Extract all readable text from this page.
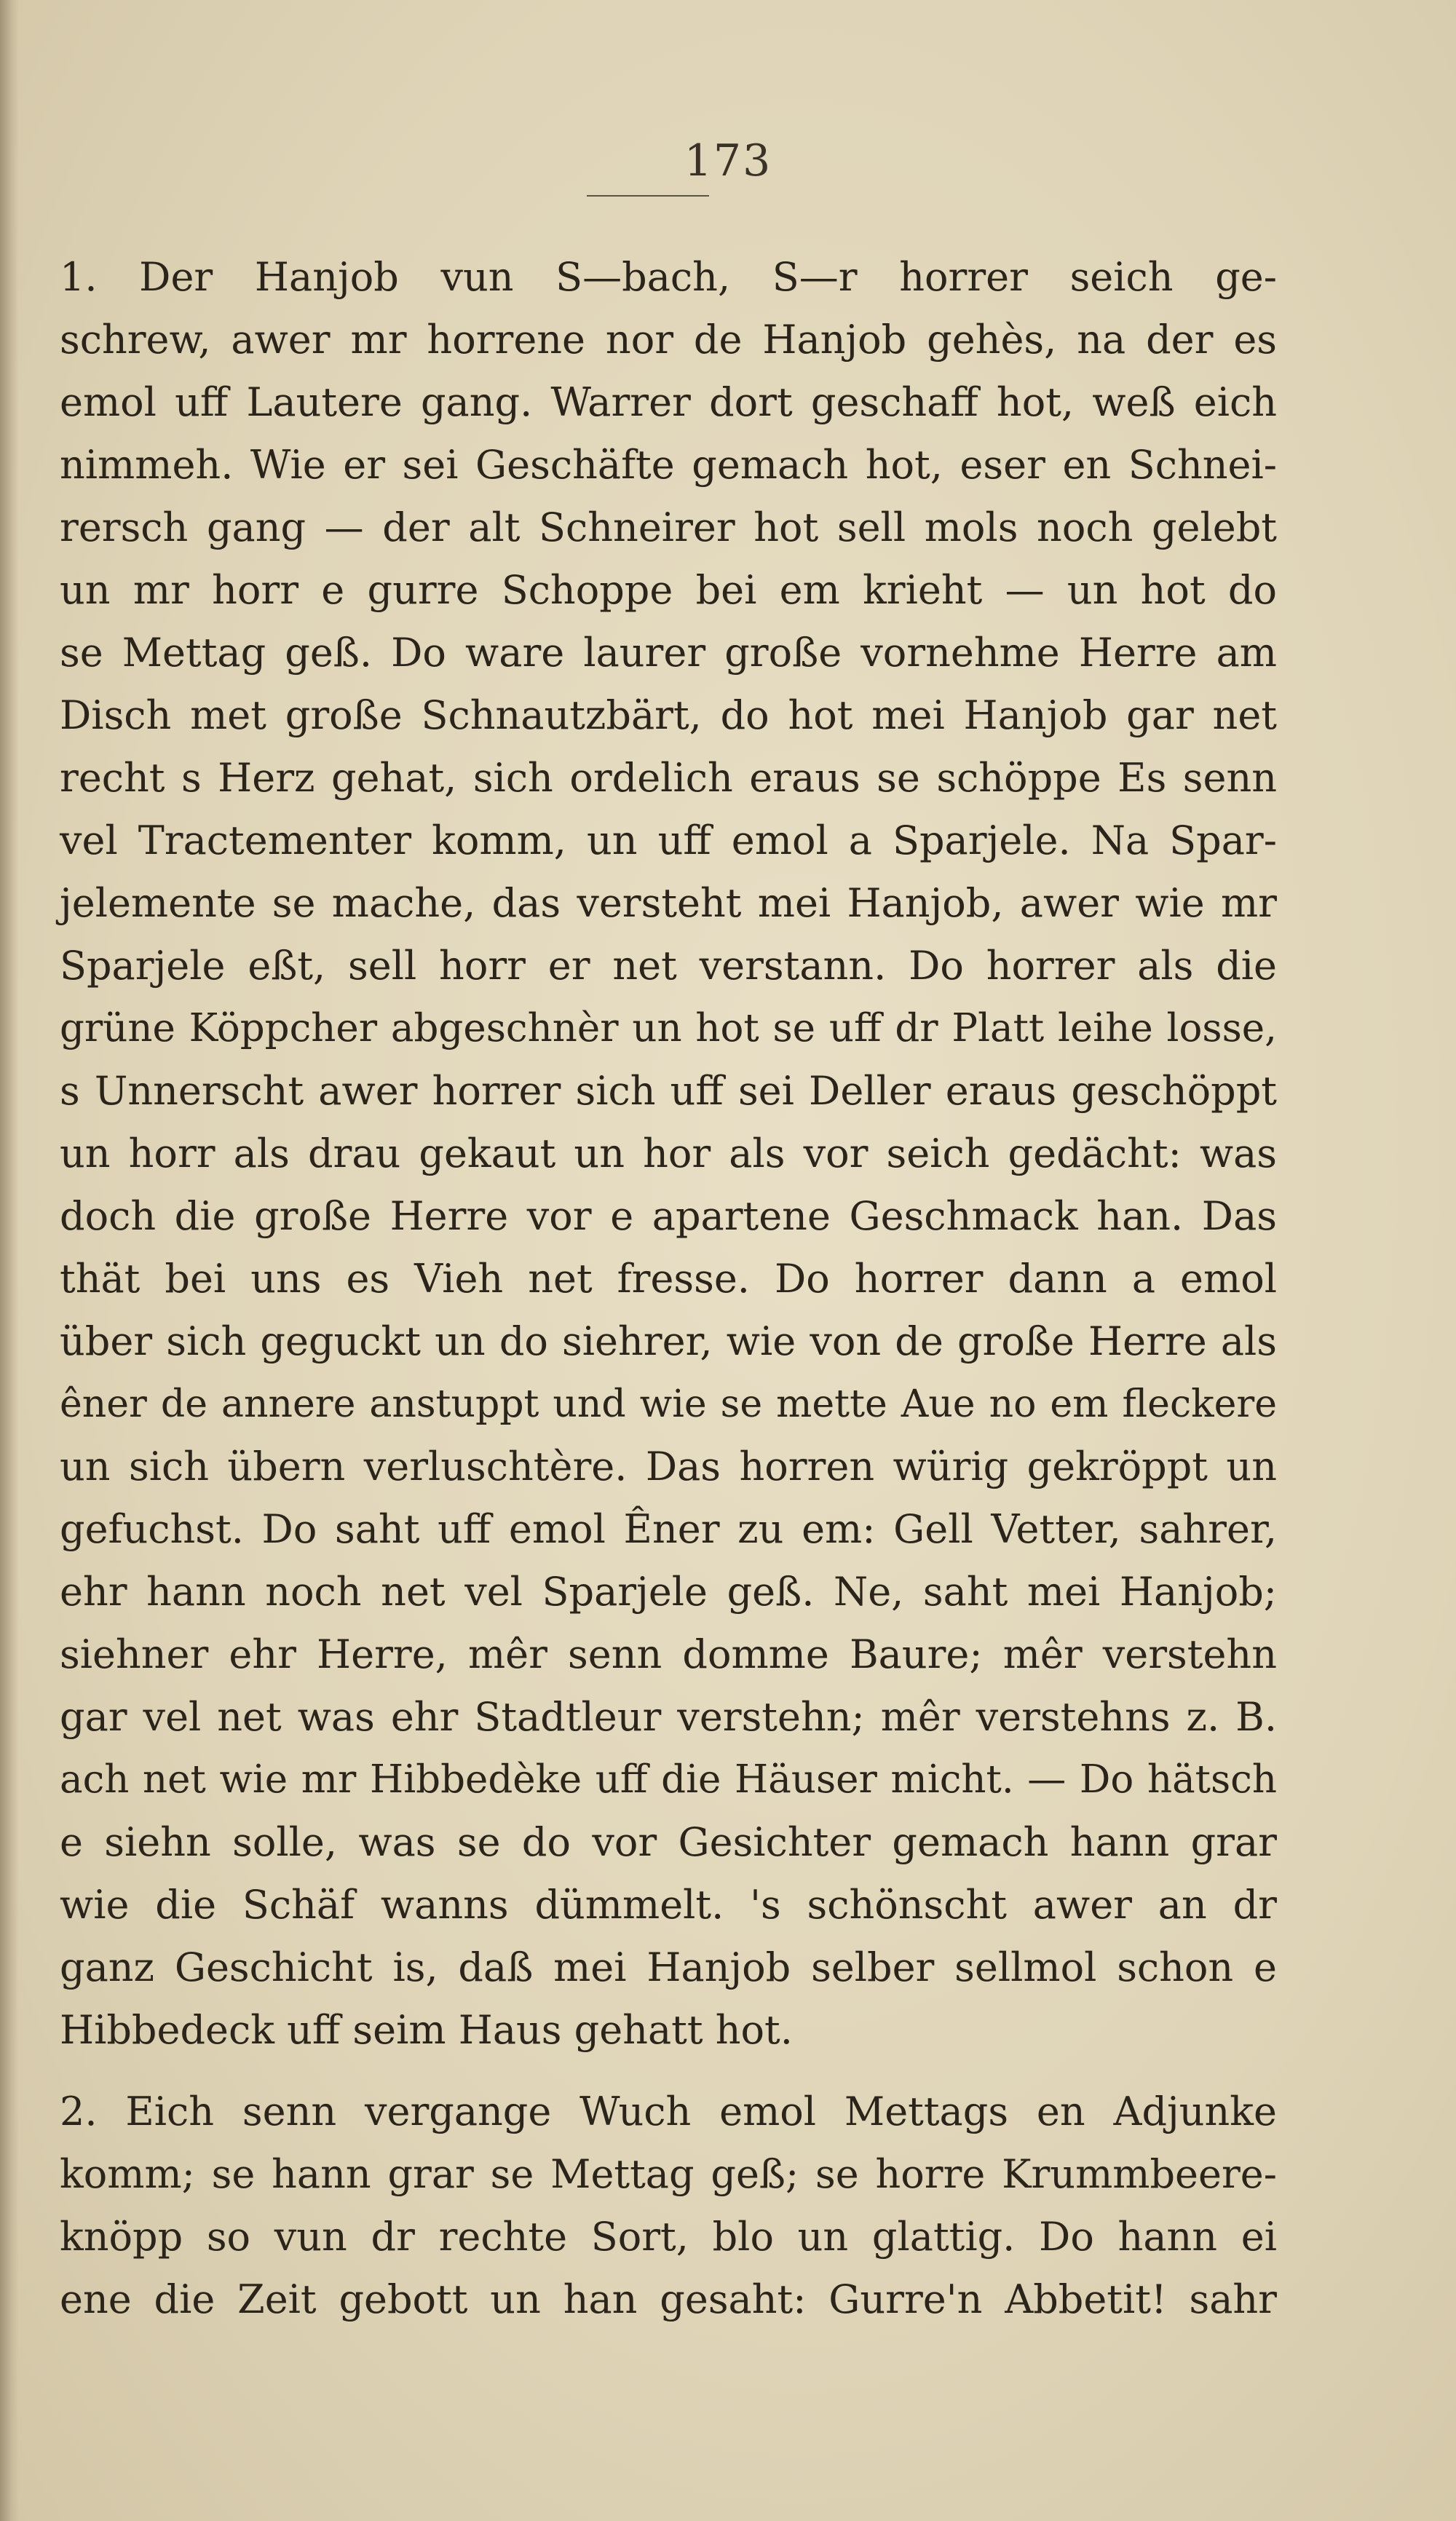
173
1. Der Hanjob vun S—bach, S—r horrer seich ge-
schrew, awer mr horrene nor de Hanjob gehès, na der es
emol uff Lautere gang. Warrer dort geschaff hot, weß eich
nimmeh. Wie er sei Geschäfte gemach hot, eser en Schnei-
rersch gang — der alt Schneirer hot sell mols noch gelebt
un mr horr e gurre Schoppe bei em krieht — un hot do
se Mettag geß. Do ware laurer große vornehme Herre am
Disch met große Schnautzbärt, do hot mei Hanjob gar net
recht s Herz gehat, sich ordelich eraus se schöppe Es senn
vel Tractementer komm, un uff emol a Sparjele. Na Spar-
jelemente se mache, das versteht mei Hanjob, awer wie mr
Sparjele eßt, sell horr er net verstann. Do horrer als die
grüne Köppcher abgeschnèr un hot se uff dr Platt leihe losse,
s Unnerscht awer horrer sich uff sei Deller eraus geschöppt
un horr als drau gekaut un hor als vor seich gedächt: was
doch die große Herre vor e apartene Geschmack han. Das
thät bei uns es Vieh net fresse. Do horrer dann a emol
über sich geguckt un do siehrer, wie von de große Herre als
êner de annere anstuppt und wie se mette Aue no em fleckere
un sich übern verluschtère. Das horren würig gekröppt un
gefuchst. Do saht uff emol Êner zu em: Gell Vetter, sahrer,
ehr hann noch net vel Sparjele geß. Ne, saht mei Hanjob;
siehner ehr Herre, mêr senn domme Baure; mêr verstehn
gar vel net was ehr Stadtleur verstehn; mêr verstehns z. B.
ach net wie mr Hibbedèke uff die Häuser micht. — Do hätsch
e siehn solle, was se do vor Gesichter gemach hann grar
wie die Schäf wanns dümmelt. 's schönscht awer an dr
ganz Geschicht is, daß mei Hanjob selber sellmol schon e
Hibbedeck uff seim Haus gehatt hot.
2. Eich senn vergange Wuch emol Mettags en Adjunke
komm; se hann grar se Mettag geß; se horre Krummbeere-
knöpp so vun dr rechte Sort, blo un glattig. Do hann ei
ene die Zeit gebott un han gesaht: Gurre'n Abbetit! sahr
